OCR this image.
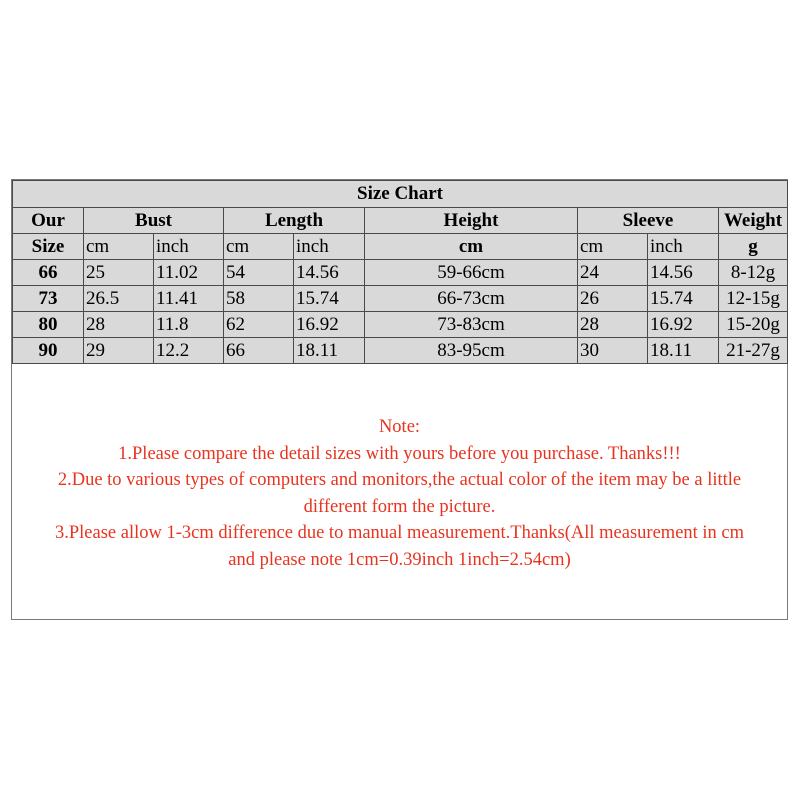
Size Chart								
Our	Bust		Length		Height	Sleeve		Weight
Size	cm	inch	cm	inch	cm	cm	inch	g
66	25	11.02	54	14.56	59-66cm	24	14.56	8-12g
73	26.5	11.41	58	15.74	66-73cm	26	15.74	12-15g
80	28	11.8	62	16.92	73-83cm	28	16.92	15-20g
90	29	12.2	66	18.11	83-95cm	30	18.11	21-27g
Note:
1.Please compare the detail sizes with yours before you purchase. Thanks!!!
2.Due to various types of computers and monitors,the actual color of the item may be a little
different form the picture.
3.Please allow 1-3cm difference due to manual measurement.Thanks(All measurement in cm
and please note 1cm=0.39inch 1inch=2.54cm)
